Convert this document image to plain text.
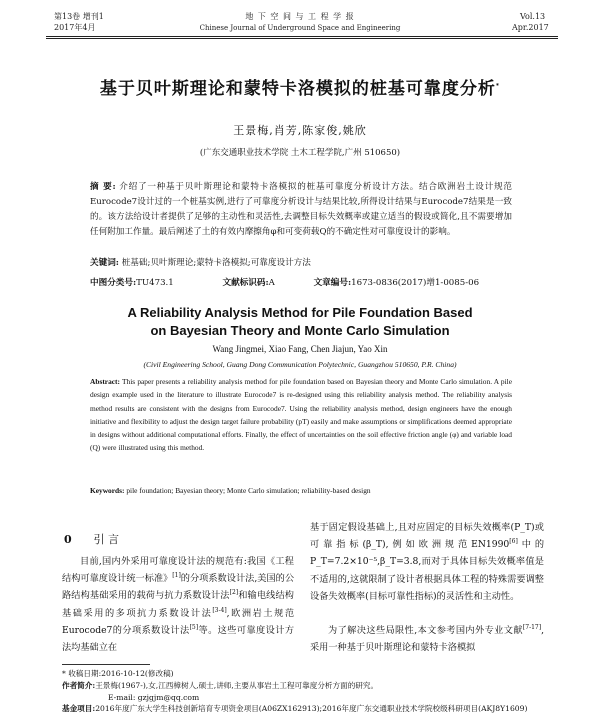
第13卷 增刊1
2017年4月
地 下 空 间 与 工 程 学 报
Chinese Journal of Underground Space and Engineering
Vol.13
Apr.2017
基于贝叶斯理论和蒙特卡洛模拟的桩基可靠度分析*
王景梅,肖芳,陈家俊,姚欣
(广东交通职业技术学院 土木工程学院,广州 510650)
摘 要: 介绍了一种基于贝叶斯理论和蒙特卡洛模拟的桩基可靠度分析设计方法。结合欧洲岩土设计规范Eurocode7设计过的一个桩基实例,进行了可靠度分析设计与结果比较,所得设计结果与Eurocode7结果是一致的。该方法给设计者提供了足够的主动性和灵活性,去调整目标失效概率或建立适当的假设或简化,且不需要增加任何附加工作量。最后阐述了土的有效内摩擦角φ和可变荷载Q的不确定性对可靠度设计的影响。
关键词: 桩基础;贝叶斯理论;蒙特卡洛模拟;可靠度设计方法
中图分类号:TU473.1	文献标识码:A	文章编号:1673-0836(2017)增1-0085-06
A Reliability Analysis Method for Pile Foundation Based
on Bayesian Theory and Monte Carlo Simulation
Wang Jingmei, Xiao Fang, Chen Jiajun, Yao Xin
(Civil Engineering School, Guang Dong Communication Polytechnic, Guangzhou 510650, P.R. China)
Abstract: This paper presents a reliability analysis method for pile foundation based on Bayesian theory and Monte Carlo simulation. A pile design example used in the literature to illustrate Eurocode7 is re-designed using this reliability analysis method. The reliability analysis method results are consistent with the designs from Eurocode7. Using the reliability analysis method, design engineers have the enough initiative and flexibility to adjust the design target failure probability (pT) easily and make assumptions or simplifications deemed appropriate in designs without additional computational efforts. Finally, the effect of uncertainties on the soil effective friction angle (φ) and variable load (Q) were illustrated using this method.
Keywords: pile foundation; Bayesian theory; Monte Carlo simulation; reliability-based design
0 引 言
目前,国内外采用可靠度设计法的规范有:我国《工程结构可靠度设计统一标准》[1]的分项系数设计法,美国的公路结构基础采用的载荷与抗力系数设计法[2]和输电线结构基础采用的多项抗力系数设计法[3-4],欧洲岩土规范Eurocode7的分项系数设计法[5]等。这些可靠度设计方法均基础立在
基于固定假设基础上,且对应固定的目标失效概率(P_T)或可靠指标(β_T),例如欧洲规范EN1990[6]中的P_T=7.2×10⁻⁵,β_T=3.8,而对于具体目标失效概率值是不适用的,这就限制了设计者根据具体工程的特殊需要调整设备失效概率(目标可靠性指标)的灵活性和主动性。
为了解决这些局限性,本文参考国内外专业文献[7-17],采用一种基于贝叶斯理论和蒙特卡洛模拟
* 收稿日期:2016-10-12(修改稿)
作者简介:王景梅(1967-),女,江西樟树人,硕士,讲师,主要从事岩土工程可靠度分析方面的研究。
E-mail: gzjgjm@qq.com
基金项目:2016年度广东大学生科技创新培育专项资金项目(A06ZX162913);2016年度广东交通职业技术学院校级科研项目(AKJ8Y1609)
